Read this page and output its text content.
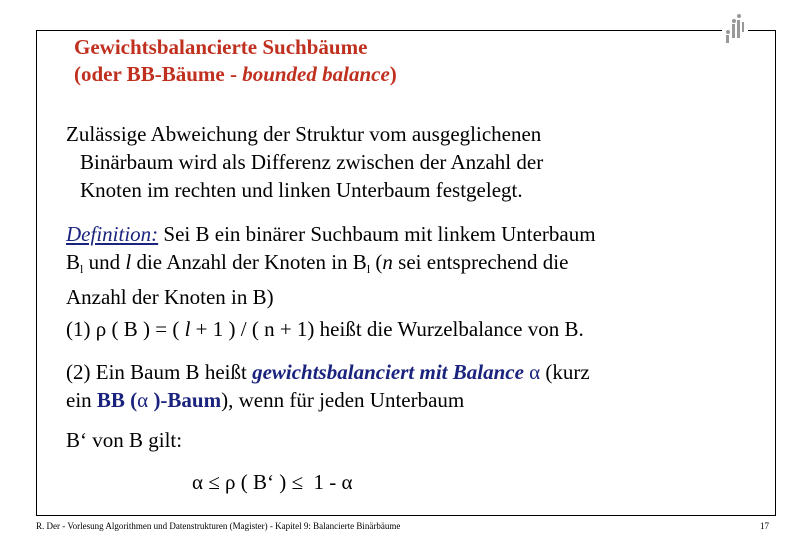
Gewichtsbalancierte Suchbäume
(oder BB-Bäume - bounded balance)
Zulässige Abweichung der Struktur vom ausgeglichenen
Binärbaum wird als Differenz zwischen der Anzahl der
Knoten im rechten und linken Unterbaum festgelegt.
Definition: Sei B ein binärer Suchbaum mit linkem Unterbaum
$B_l$ und l die Anzahl der Knoten in $B_l$ (n sei entsprechend die
Anzahl der Knoten in B)
(1) ρ ( B ) = ( l + 1 ) / ( n + 1) heißt die Wurzelbalance von B.
(2) Ein Baum B heißt gewichtsbalanciert mit Balance α (kurz
ein BB (α )-Baum), wenn für jeden Unterbaum
B‘ von B gilt:
α ≤ ρ ( B‘ ) ≤  1 - α
R. Der - Vorlesung Algorithmen und Datenstrukturen (Magister) - Kapitel 9: Balancierte Binärbäume	17
